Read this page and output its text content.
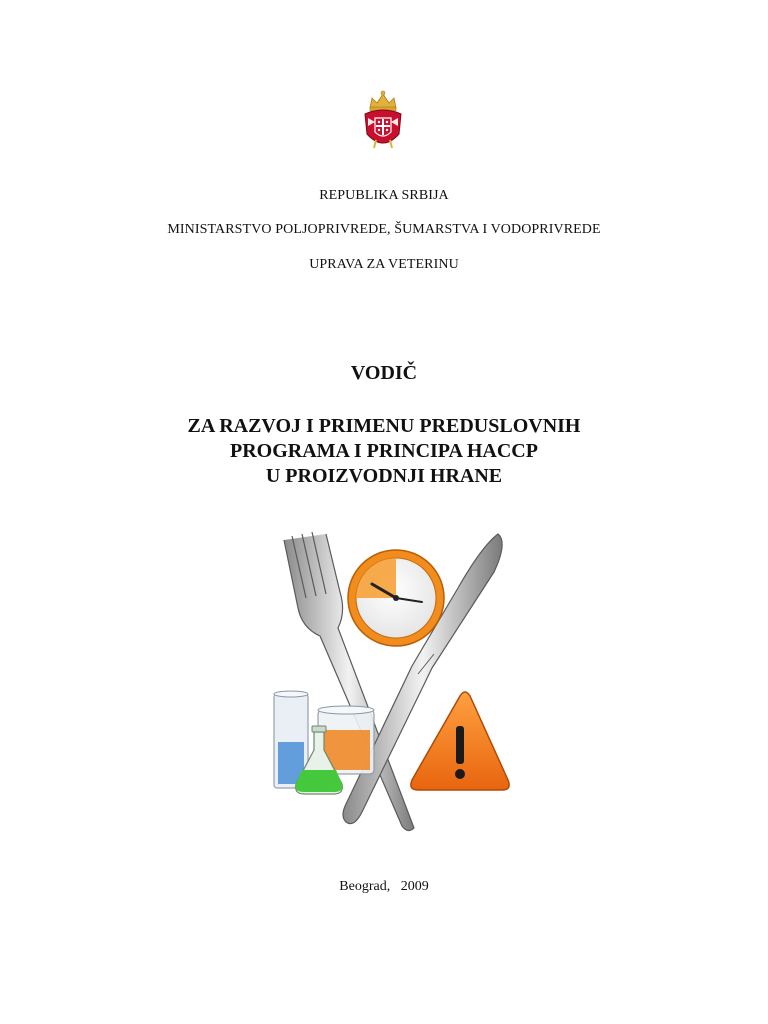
REPUBLIKA SRBIJA
MINISTARSTVO POLJOPRIVREDE, ŠUMARSTVA I VODOPRIVREDE
UPRAVA ZA VETERINU
VODIČ
ZA RAZVOJ I PRIMENU PREDUSLOVNIH
PROGRAMA I PRINCIPA HACCP
U PROIZVODNJI HRANE
Beograd,   2009
